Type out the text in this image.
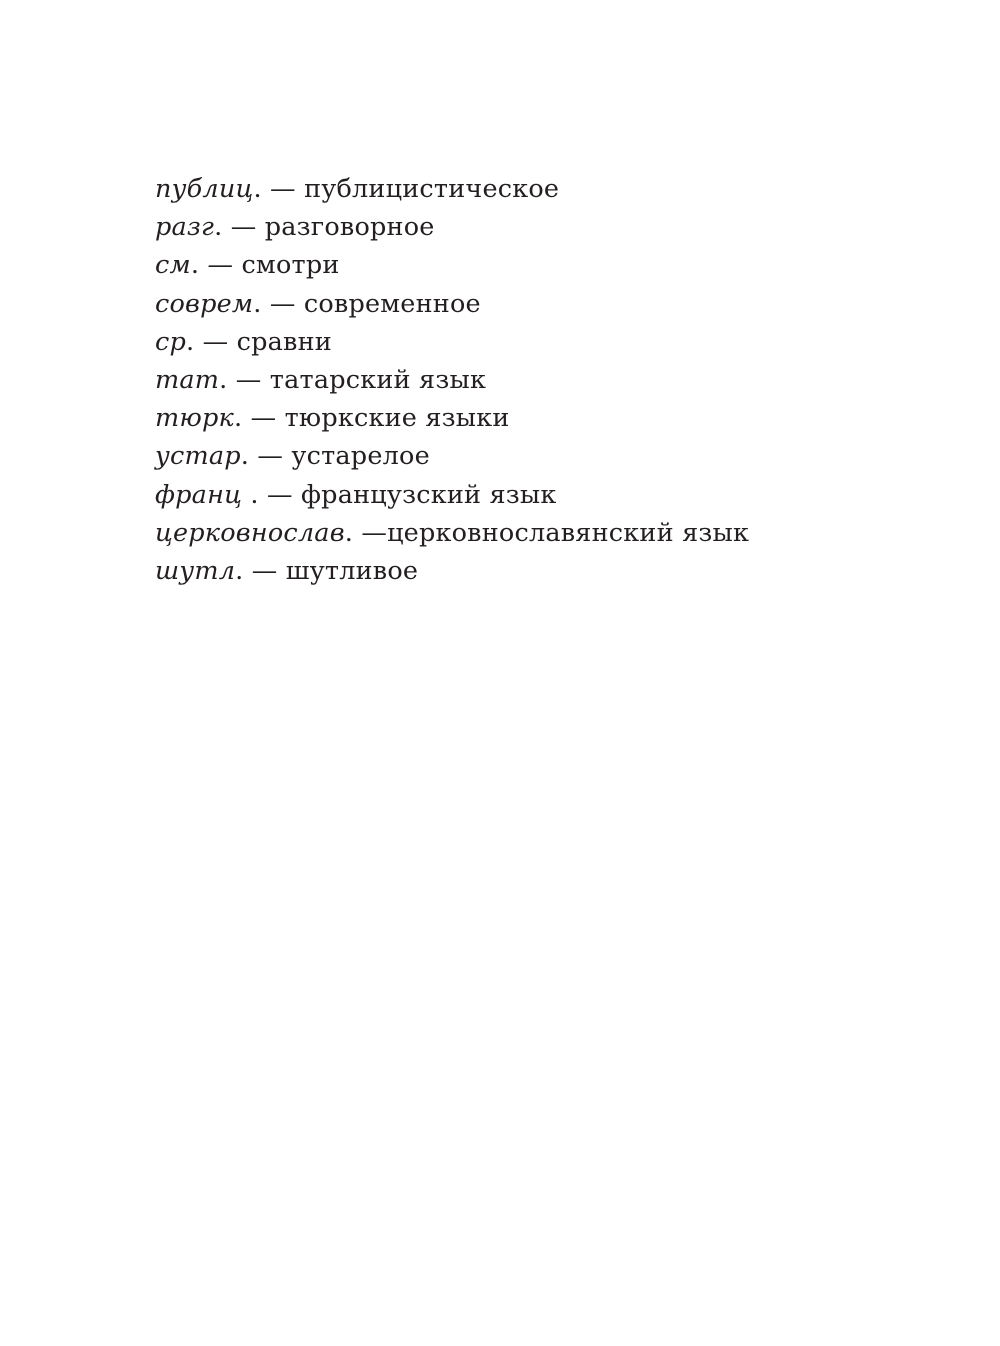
публиц. — публицистическое
разг. — разговорное
см. — смотри
соврем. — современное
ср. — сравни
тат. — татарский язык
тюрк. — тюркские языки
устар. — устарелое
франц . — французский язык
церковнослав. —церковнославянский язык
шутл. — шутливое
